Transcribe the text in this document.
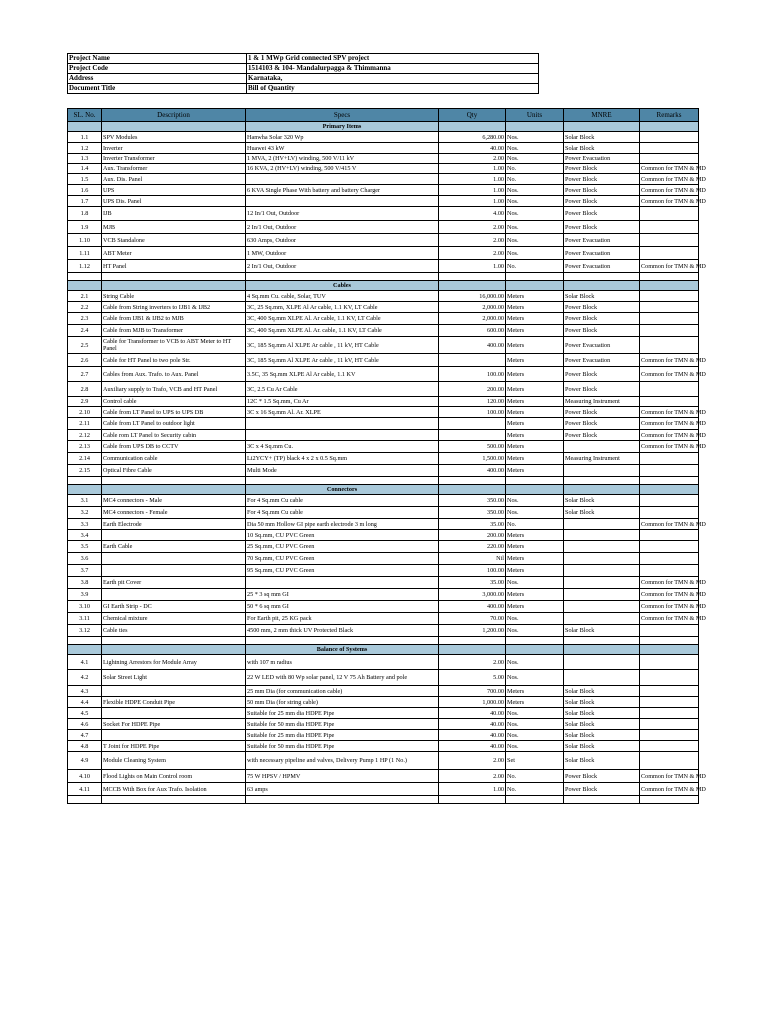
Project Name	1 & 1 MWp Grid connected SPV project
Project Code	1514103 & 104- Mandalurpagga & Thimmanna
Address	Karnataka,
Document Title	Bill of Quantity
SL. No.	Description	Specs	Qty	Units	MNRE	Remarks
		Primary Items				
1.1	SPV Modules	Hanwha Solar 320 Wp	6,280.00	Nos.	Solar Block	
1.2	Inverter	Huawei 43 kW	40.00	Nos.	Solar Block	
1.3	Inverter Transformer	1 MVA, 2 (HV+LV) winding, 500 V/11 kV	2.00	Nos.	Power Evacuation	
1.4	Aux. Transformer	16 KVA, 2 (HV+LV) winding, 500 V/415 V	1.00	No.	Power Block	Common for TMN & MD
1.5	Aux. Dis. Panel		1.00	No.	Power Block	Common for TMN & MD
1.6	UPS	6 KVA Single Phase With battery and battery Charger	1.00	Nos.	Power Block	Common for TMN & MD
1.7	UPS Dis. Panel		1.00	Nos.	Power Block	Common for TMN & MD
1.8	IJB	12 In/1 Out, Outdoor	4.00	Nos.	Power Block	
1.9	MJB	2 In/1 Out, Outdoor	2.00	Nos.	Power Block	
1.10	VCB Standalone	630 Amps, Outdoor	2.00	Nos.	Power Evacuation	
1.11	ABT Meter	1 MW, Outdoor	2.00	Nos.	Power Evacuation	
1.12	HT Panel	2 In/1 Out, Outdoor	1.00	No.	Power Evacuation	Common for TMN & MD

		Cables				
2.1	String Cable	4 Sq.mm Cu. cable, Solar, TUV	16,000.00	Meters	Solar Block	
2.2	Cable from String inverters to IJB1 & IJB2	3C, 25 Sq.mm, XLPE Al Ar cable, 1.1 KV, LT Cable	2,000.00	Meters	Power Block	
2.3	Cable from IJB1 & IJB2 to MJB	3C, 400 Sq.mm XLPE Al. Ar cable, 1.1 KV, LT Cable	2,000.00	Meters	Power Block	
2.4	Cable from MJB to Transformer	3C, 400 Sq.mm XLPE Al. Ar. cable, 1.1 KV, LT Cable	600.00	Meters	Power Block	
2.5	Cable for Transformer to VCB to ABT Meter to HT Panel	3C, 185 Sq.mm Al XLPE Ar cable , 11 kV, HT Cable	400.00	Meters	Power Evacuation	
2.6	Cable for HT Panel to two pole Str.	3C, 185 Sq.mm Al XLPE Ar cable , 11 kV, HT Cable		Meters	Power Evacuation	Common for TMN & MD
2.7	Cables from Aux. Trafo. to Aux. Panel	3.5C, 35 Sq.mm XLPE Al Ar cable, 1.1 KV	100.00	Meters	Power Block	Common for TMN & MD
2.8	Auxiliary supply to Trafo, VCB and HT Panel	3C, 2.5 Cu Ar Cable	200.00	Meters	Power Block	
2.9	Control cable	12C * 1.5 Sq.mm, Cu Ar	120.00	Meters	Measuring Instrument	
2.10	Cable from LT Panel to UPS to UPS DB	3C x 16 Sq.mm Al. Ar. XLPE	100.00	Meters	Power Block	Common for TMN & MD
2.11	Cable from LT Panel to outdoor light			Meters	Power Block	Common for TMN & MD
2.12	Cable rom LT Panel to Security cabin			Meters	Power Block	Common for TMN & MD
2.13	Cable from UPS DB to CCTV	3C x 4 Sq.mm Cu.	500.00	Meters		Common for TMN & MD
2.14	Communication cable	Li2YCY+ (TP) black 4 x 2 x 0.5 Sq.mm	1,500.00	Meters	Measuring Instrument	
2.15	Optical Fibre Cable	Multi Mode	400.00	Meters		

		Connectors				
3.1	MC4 connectors - Male	For 4 Sq.mm Cu cable	350.00	Nos.	Solar Block	
3.2	MC4 connectors - Female	For 4 Sq.mm Cu cable	350.00	Nos.	Solar Block	
3.3	Earth Electrode	Dia 50 mm Hollow GI pipe earth electrode 3 m long	35.00	No.		Common for TMN & MD
3.4		10 Sq.mm, CU PVC Green	200.00	Meters		
3.5	Earth Cable	25 Sq.mm, CU PVC Green	220.00	Meters		
3.6		70 Sq.mm, CU PVC Green	Nil	Meters		
3.7		95 Sq.mm, CU PVC Green	100.00	Meters		
3.8	Earth pit Cover		35.00	Nos.		Common for TMN & MD
3.9		25 * 3 sq mm GI	3,000.00	Meters		Common for TMN & MD
3.10	GI Earth Strip - DC	50 * 6 sq mm GI	400.00	Meters		Common for TMN & MD
3.11	Chemical mixture	For Earth pit, 25 KG pack	70.00	Nos.		Common for TMN & MD
3.12	Cable ties	4500 mm, 2 mm thick UV Protected Black	1,200.00	Nos.	Solar Block	

		Balance of Systems				
4.1	Lightning Arrestors for Module Array	with 107 m radius	2.00	Nos.		
4.2	Solar Street Light	22 W LED with 80 Wp solar panel, 12 V 75 Ah Battery and pole	5.00	Nos.		
4.3		25 mm Dia (for communication cable)	700.00	Meters	Solar Block	
4.4	Flexible HDPE Conduit Pipe	50 mm Dia (for string cable)	1,000.00	Meters	Solar Block	
4.5		Suitable for 25 mm dia HDPE Pipe	40.00	Nos.	Solar Block	
4.6	Socket For HDPE Pipe	Suitable for 50 mm dia HDPE Pipe	40.00	Nos.	Solar Block	
4.7		Suitable for 25 mm dia HDPE Pipe	40.00	Nos.	Solar Block	
4.8	T Joint for HDPE Pipe	Suitable for 50 mm dia HDPE Pipe	40.00	Nos.	Solar Block	
4.9	Module Cleaning System	with necessary pipeline and valves, Delivery Pump 1 HP (1 No.)	2.00	Set	Solar Block	
4.10	Flood Lights on Main Control room	75 W HPSV / HPMV	2.00	No.	Power Block	Common for TMN & MD
4.11	MCCB With Box for Aux Trafo. Isolation	63 amps	1.00	No.	Power Block	Common for TMN & MD
